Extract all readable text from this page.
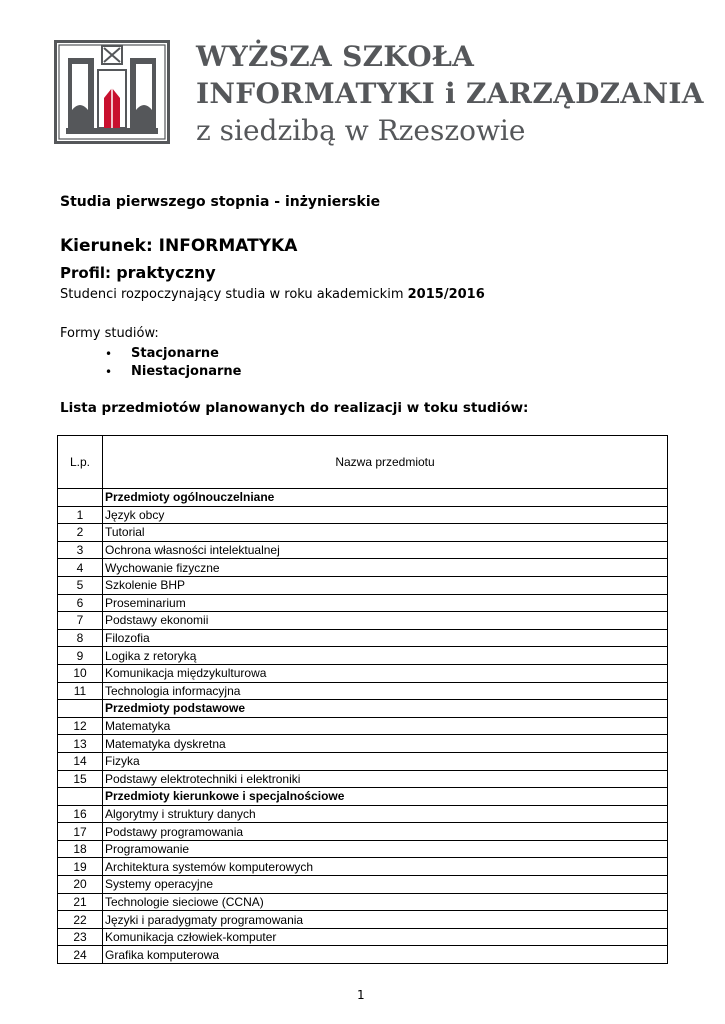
WYŻSZA SZKOŁA
INFORMATYKI i ZARZĄDZANIA
z siedzibą w Rzeszowie
Studia pierwszego stopnia - inżynierskie
Kierunek: INFORMATYKA
Profil: praktyczny
Studenci rozpoczynający studia w roku akademickim 2015/2016
Formy studiów:
• Stacjonarne
• Niestacjonarne
Lista przedmiotów planowanych do realizacji w toku studiów:
L.p.	Nazwa przedmiotu
	Przedmioty ogólnouczelniane
1	Język obcy
2	Tutorial
3	Ochrona własności intelektualnej
4	Wychowanie fizyczne
5	Szkolenie BHP
6	Proseminarium
7	Podstawy ekonomii
8	Filozofia
9	Logika z retoryką
10	Komunikacja międzykulturowa
11	Technologia informacyjna
	Przedmioty podstawowe
12	Matematyka
13	Matematyka dyskretna
14	Fizyka
15	Podstawy elektrotechniki i elektroniki
	Przedmioty kierunkowe i specjalnościowe
16	Algorytmy i struktury danych
17	Podstawy programowania
18	Programowanie
19	Architektura systemów komputerowych
20	Systemy operacyjne
21	Technologie sieciowe (CCNA)
22	Języki i paradygmaty programowania
23	Komunikacja człowiek-komputer
24	Grafika komputerowa
1
